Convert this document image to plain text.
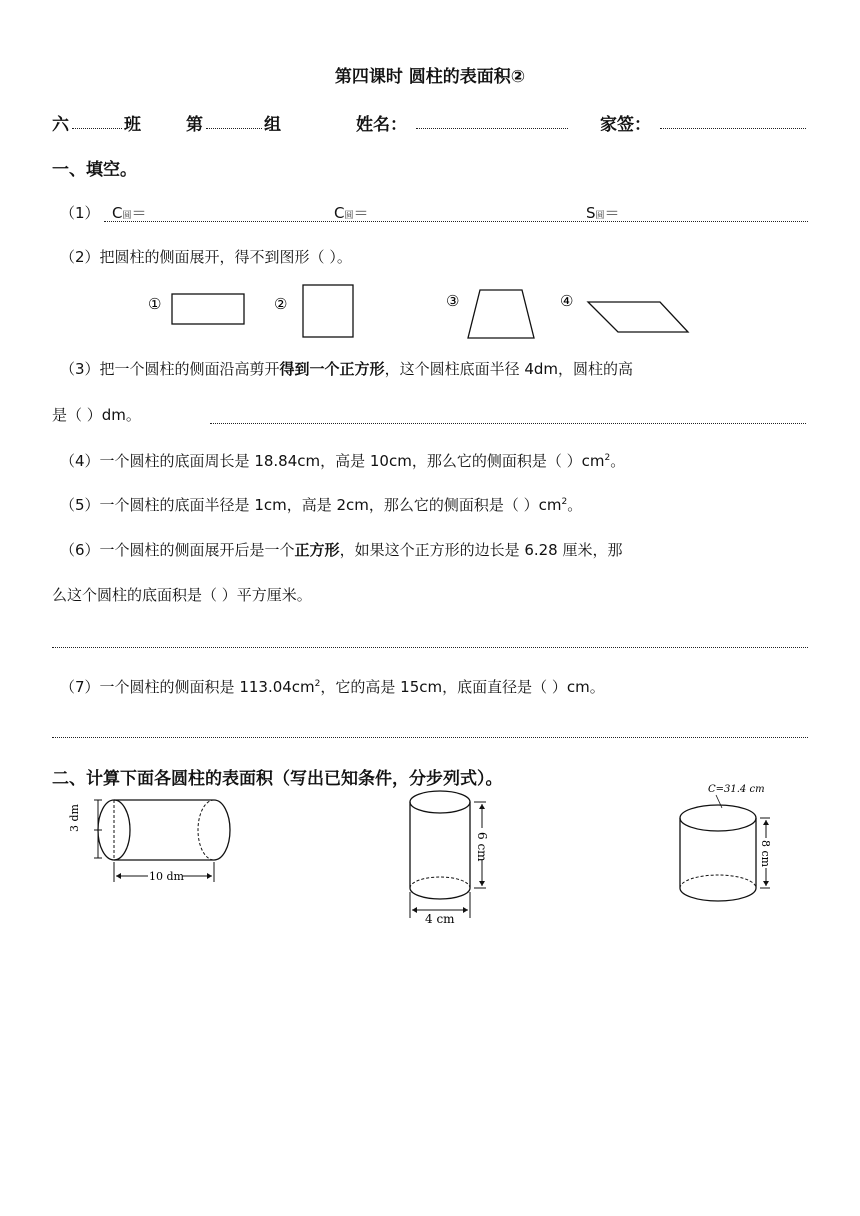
第四课时 圆柱的表面积②
六	班	第	组	姓名：	家签：
一、填空。
（1） C圆＝	C圆＝	S圆＝
（2）把圆柱的侧面展开，得不到图形（ ）。
①	②	③	④
（3）把一个圆柱的侧面沿高剪开得到一个正方形，这个圆柱底面半径 4dm，圆柱的高
是（ ）dm。
（4）一个圆柱的底面周长是 18.84cm，高是 10cm，那么它的侧面积是（ ）$cm^2$。
（5）一个圆柱的底面半径是 1cm，高是 2cm，那么它的侧面积是（ ）$cm^2$。
（6）一个圆柱的侧面展开后是一个正方形，如果这个正方形的边长是 6.28 厘米，那
么这个圆柱的底面积是（ ）平方厘米。
（7）一个圆柱的侧面积是 $113.04cm^2$，它的高是 15cm，底面直径是（ ）cm。
二、计算下面各圆柱的表面积（写出已知条件，分步列式）。
3 dm
10 dm
6 cm
4 cm
C=31.4 cm
8 cm
